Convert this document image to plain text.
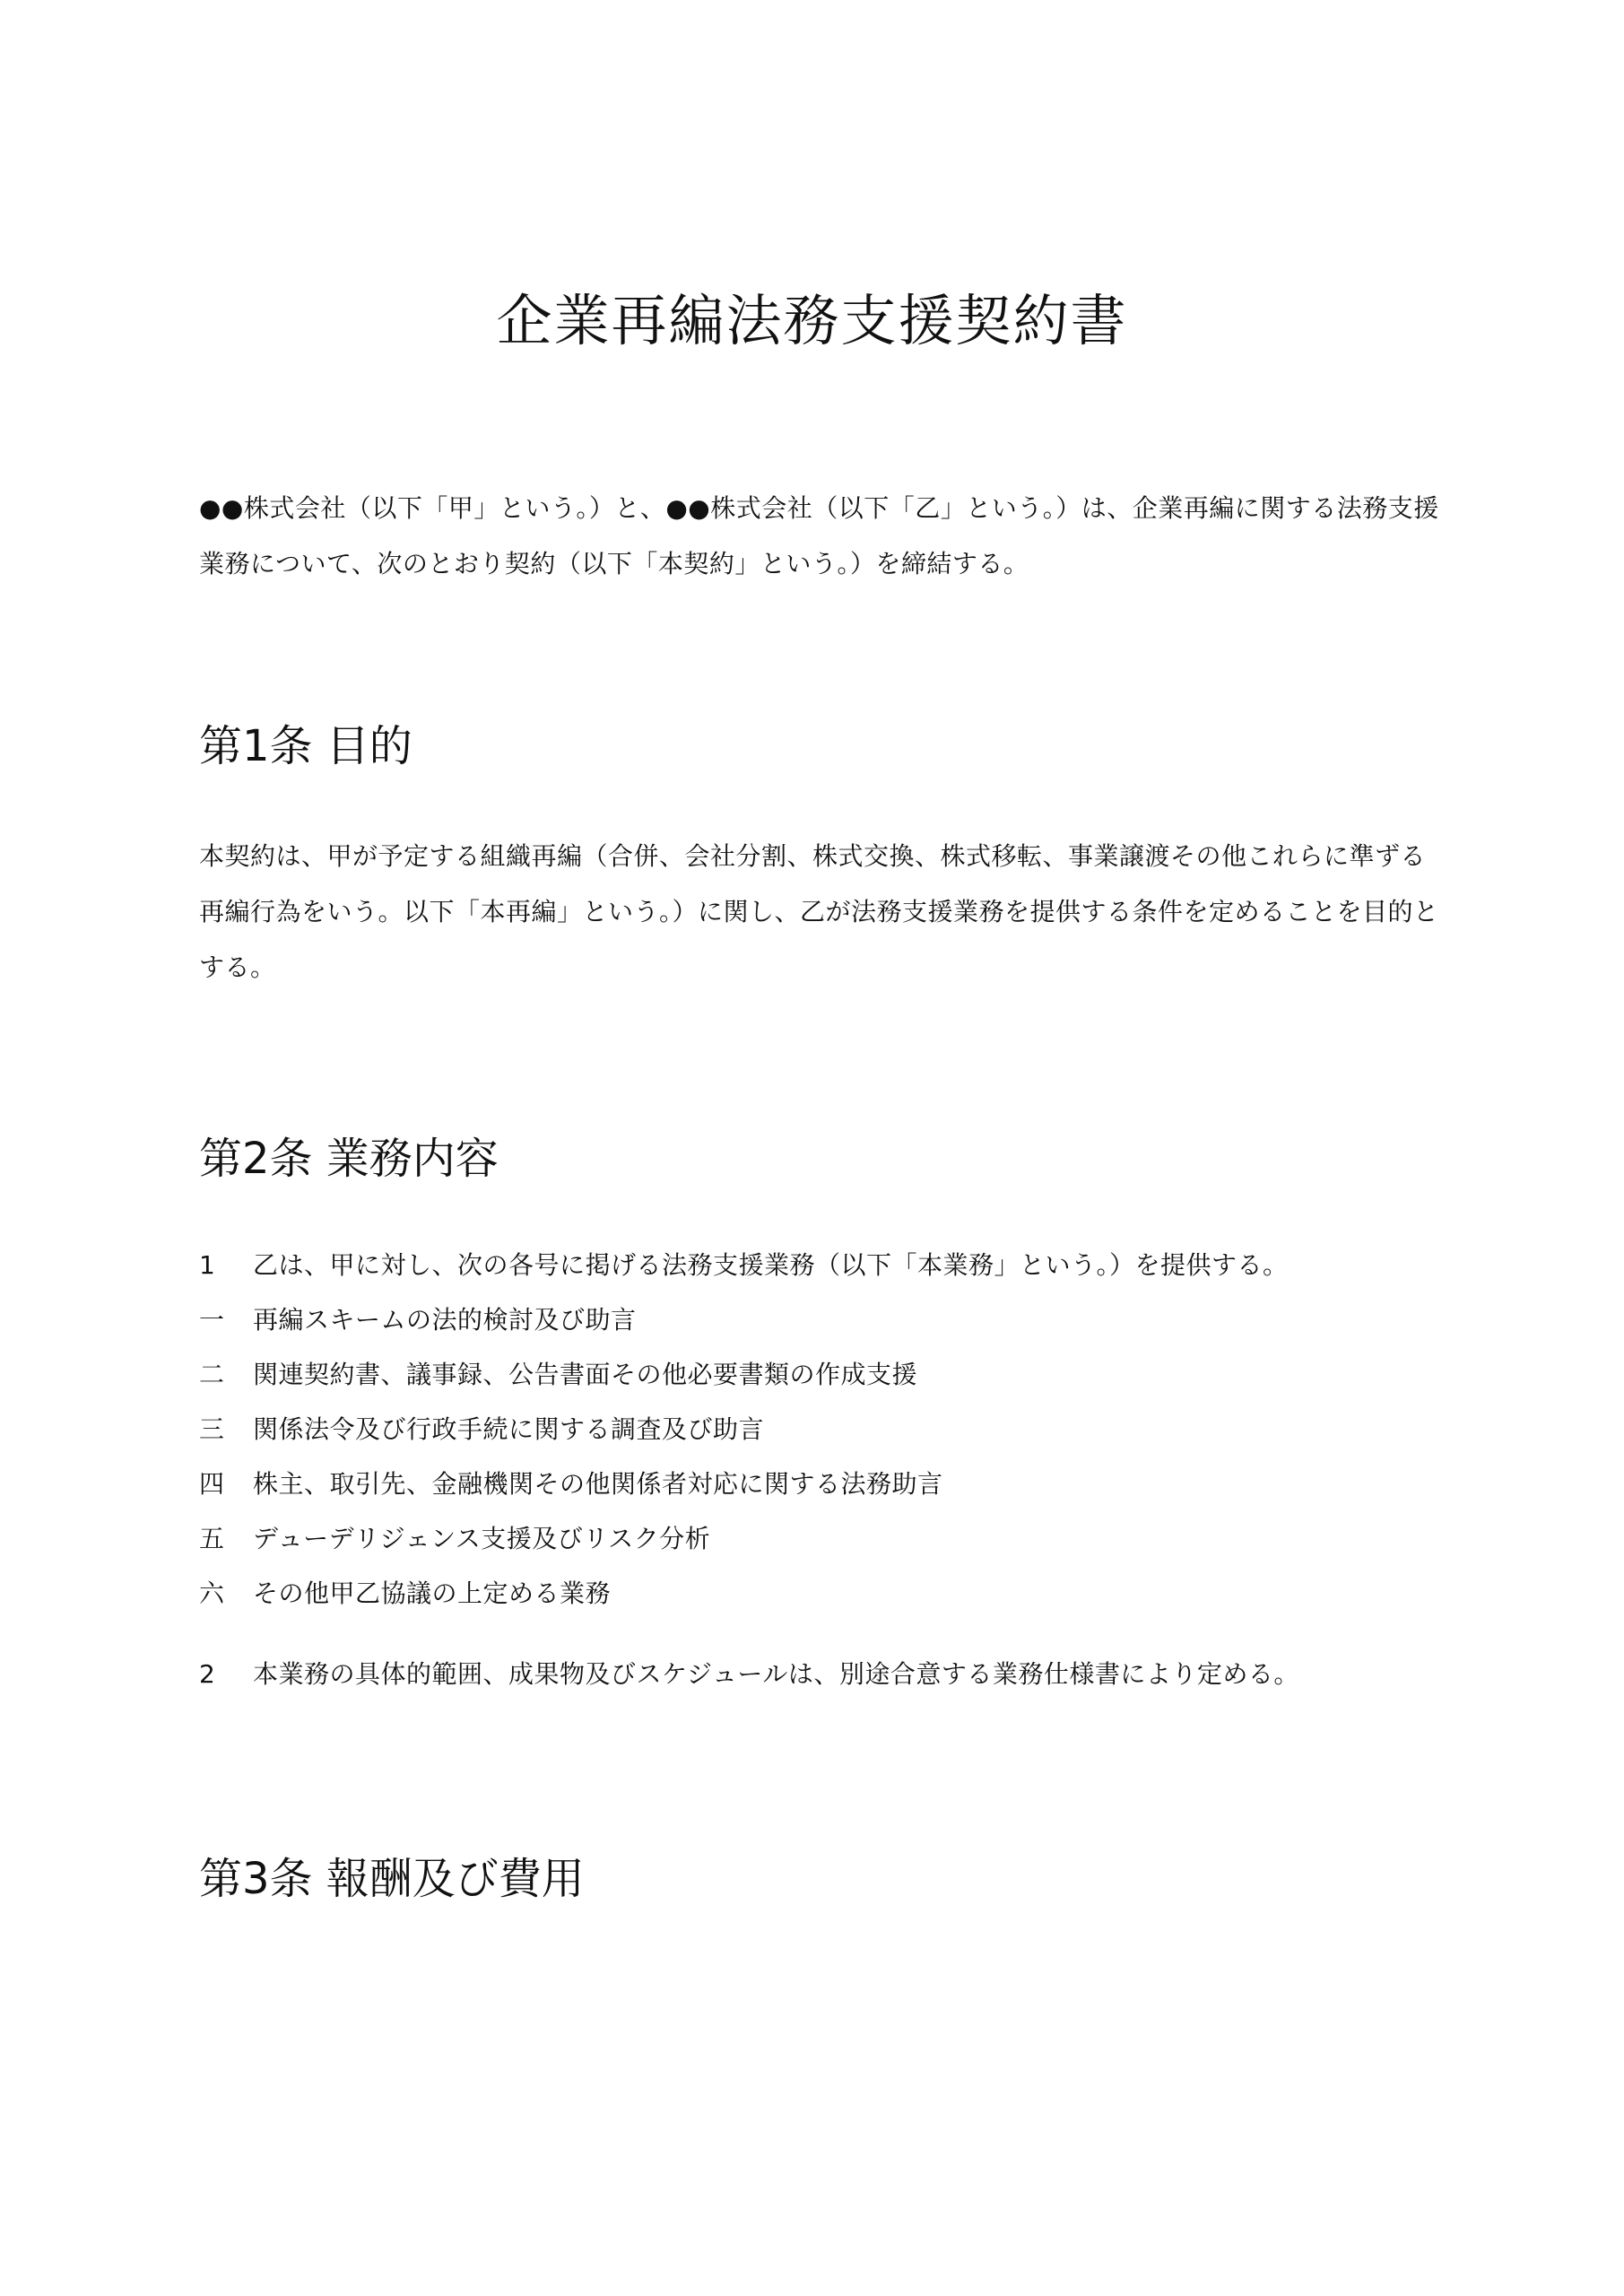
企業再編法務支援契約書

●●株式会社（以下「甲」という。）と、●●株式会社（以下「乙」という。）は、企業再編に関する法務支援業務について、次のとおり契約（以下「本契約」という。）を締結する。

第1条 目的

本契約は、甲が予定する組織再編（合併、会社分割、株式交換、株式移転、事業譲渡その他これらに準ずる再編行為をいう。以下「本再編」という。）に関し、乙が法務支援業務を提供する条件を定めることを目的とする。

第2条 業務内容

1 乙は、甲に対し、次の各号に掲げる法務支援業務（以下「本業務」という。）を提供する。

一 再編スキームの法的検討及び助言

二 関連契約書、議事録、公告書面その他必要書類の作成支援

三 関係法令及び行政手続に関する調査及び助言

四 株主、取引先、金融機関その他関係者対応に関する法務助言

五 デューデリジェンス支援及びリスク分析

六 その他甲乙協議の上定める業務

2 本業務の具体的範囲、成果物及びスケジュールは、別途合意する業務仕様書により定める。

第3条 報酬及び費用
